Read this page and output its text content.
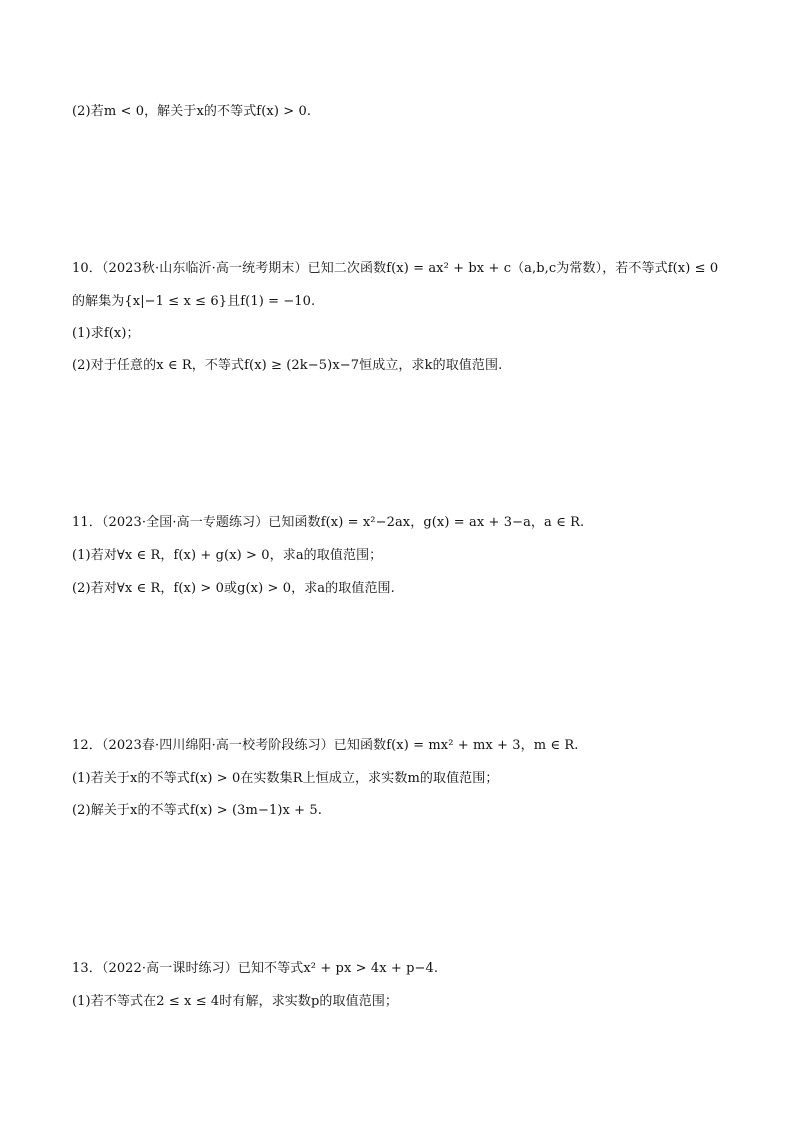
(2)若m < 0，解关于x的不等式f(x) > 0.
10．（2023秋·山东临沂·高一统考期末）已知二次函数f(x) = ax² + bx + c（a,b,c为常数），若不等式f(x) ≤ 0
的解集为{x|−1 ≤ x ≤ 6}且f(1) = −10.
(1)求f(x)；
(2)对于任意的x ∈ R，不等式f(x) ≥ (2k−5)x−7恒成立，求k的取值范围.
11．（2023·全国·高一专题练习）已知函数f(x) = x²−2ax，g(x) = ax + 3−a，a ∈ R.
(1)若对∀x ∈ R，f(x) + g(x) > 0，求a的取值范围；
(2)若对∀x ∈ R，f(x) > 0或g(x) > 0，求a的取值范围.
12．（2023春·四川绵阳·高一校考阶段练习）已知函数f(x) = mx² + mx + 3，m ∈ R.
(1)若关于x的不等式f(x) > 0在实数集R上恒成立，求实数m的取值范围；
(2)解关于x的不等式f(x) > (3m−1)x + 5.
13．（2022·高一课时练习）已知不等式x² + px > 4x + p−4.
(1)若不等式在2 ≤ x ≤ 4时有解，求实数p的取值范围；
